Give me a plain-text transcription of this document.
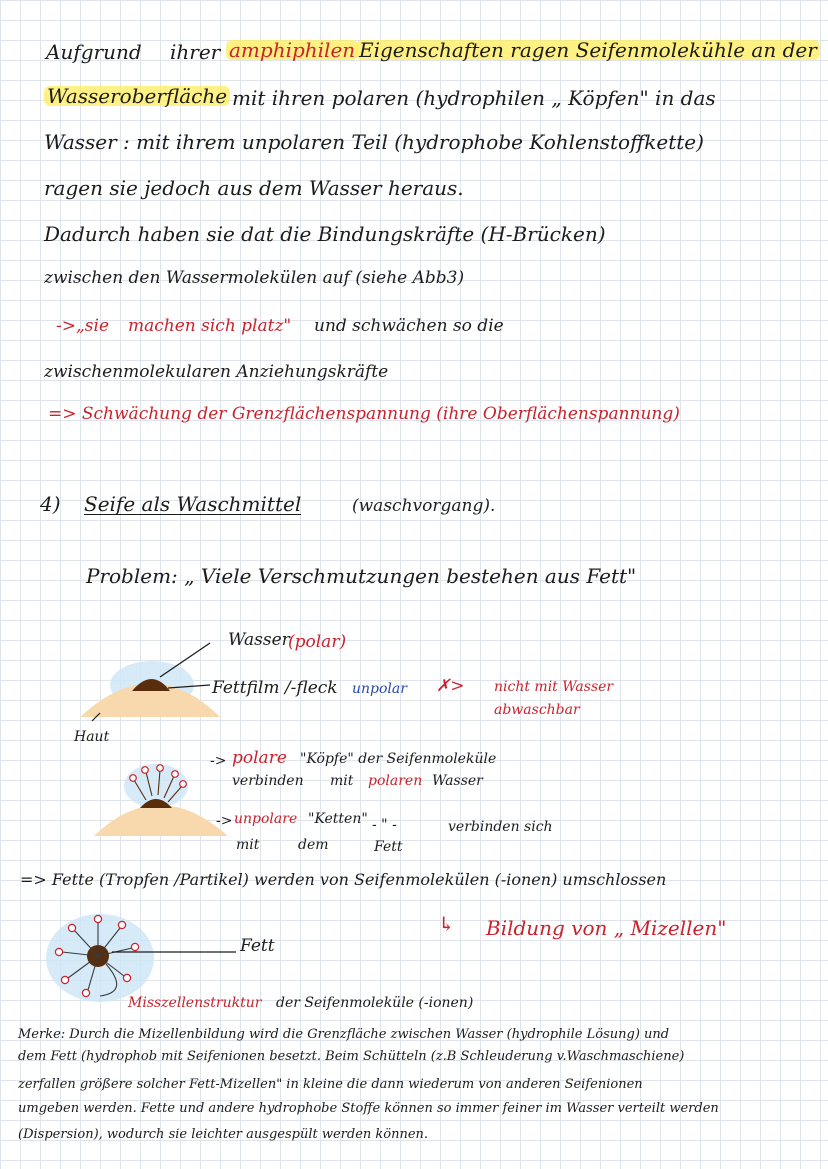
Aufgrund ihrer amphiphilen Eigenschaften ragen Seifenmolekühle an der
Wasseroberfläche mit ihren polaren (hydrophilen „ Köpfen" in das
Wasser : mit ihrem unpolaren Teil (hydrophobe Kohlenstoffkette)
ragen sie jedoch aus dem Wasser heraus.
Dadurch haben sie dat die Bindungskräfte (H-Brücken)
zwischen den Wassermolekülen auf (siehe Abb3)
->„sie machen sich platz" und schwächen so die
zwischenmolekularen Anziehungskräfte
=> Schwächung der Grenzflächenspannung (ihre Oberflächenspannung)
4) Seife als Waschmittel	(waschvorgang).
Problem: „ Viele Verschmutzungen bestehen aus Fett"
Wasser
(polar)
Fettfilm /-fleck unpolar ✗> nicht mit Wasser
abwaschbar
Haut
-> polare "Köpfe" der Seifenmoleküle
verbinden mit polaren Wasser
-> unpolare "Ketten" - " -	verbinden sich
mit	dem	Fett
=> Fette (Tropfen /Partikel) werden von Seifenmolekülen (-ionen) umschlossen
↳ Bildung von „ Mizellen"
Fett
Misszellenstruktur der Seifenmoleküle (-ionen)
Merke: Durch die Mizellenbildung wird die Grenzfläche zwischen Wasser (hydrophile Lösung) und
dem Fett (hydrophob mit Seifenionen besetzt. Beim Schütteln (z.B Schleuderung v.Waschmaschiene)
zerfallen größere solcher Fett-Mizellen" in kleine die dann wiederum von anderen Seifenionen
umgeben werden. Fette und andere hydrophobe Stoffe können so immer feiner im Wasser verteilt werden
(Dispersion), wodurch sie leichter ausgespült werden können.
